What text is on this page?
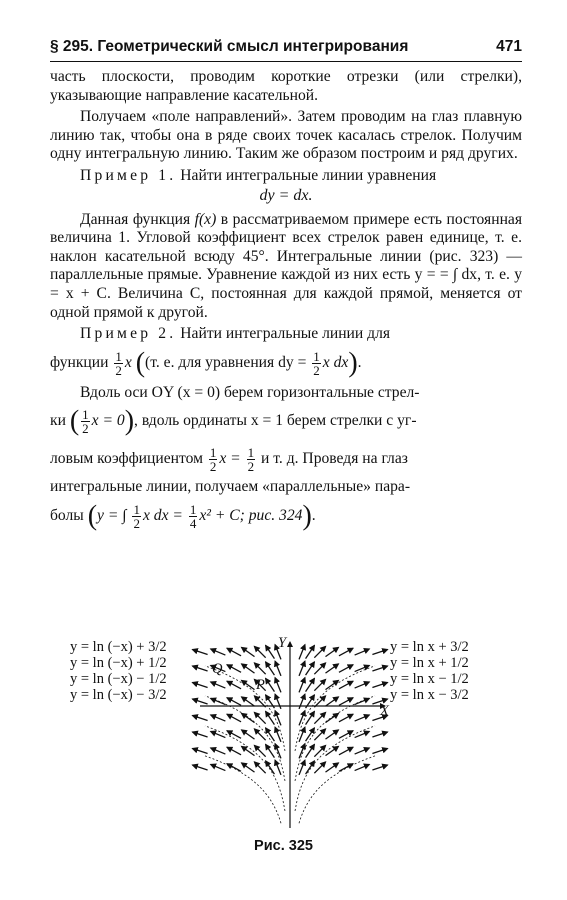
§ 295. Геометрический смысл интегрирования	471

часть плоскости, проводим короткие отрезки (или стрелки), указывающие направление касательной.

Получаем «поле направлений». Затем проводим на глаз плавную линию так, чтобы она в ряде своих точек касалась стрелок. Получим одну интегральную линию. Таким же образом построим и ряд других.

Пример 1. Найти интегральные линии уравнения

dy = dx.

Данная функция f(x) в рассматриваемом примере есть постоянная величина 1. Угловой коэффициент всех стрелок равен единице, т. е. наклон касательной всюду 45°. Интегральные линии (рис. 323) — параллельные прямые. Уравнение каждой из них есть y = = ∫ dx, т. е. y = x + C. Величина C, постоянная для каждой прямой, меняется от одной прямой к другой.

Пример 2. Найти интегральные линии для

функции $\frac{1}{2}$ x ((т. е. для уравнения dy = $\frac{1}{2}$ x dx).

Вдоль оси OY (x = 0) берем горизонтальные стрел-

ки ( $\frac{1}{2}$ x = 0), вдоль ординаты x = 1 берем стрелки с уг-

ловым коэффициентом $\frac{1}{2}$ $x = \frac{1}{2}$ и т. д. Проведя на глаз

интегральные линии, получаем «параллельные» пара-

болы (y = ∫ $\frac{1}{2}$ x dx = $\frac{1}{4} x^2 + C$; рис. 324).

y = ln (−x) + 3/2
y = ln (−x) + 1/2
y = ln (−x) − 1/2
y = ln (−x) − 3/2
y = ln x + 3/2
y = ln x + 1/2
y = ln x − 1/2
y = ln x − 3/2
Y
X
Q
P
Рис. 325
